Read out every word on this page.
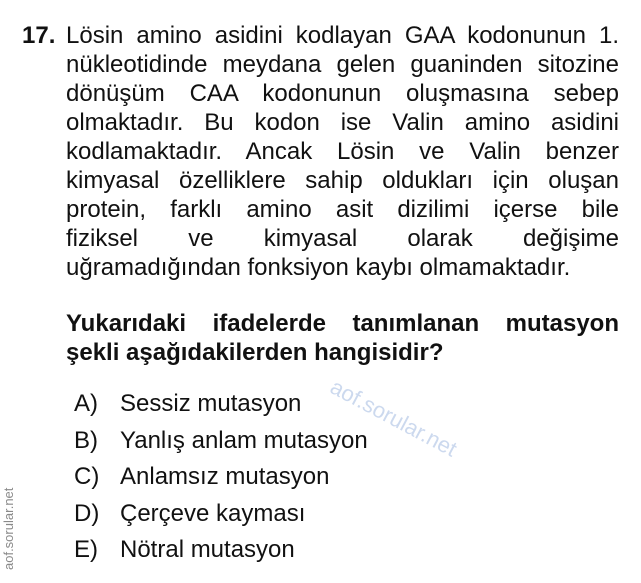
17. Lösin amino asidini kodlayan GAA kodonunun 1.
nükleotidinde meydana gelen guaninden sitozine
dönüşüm CAA kodonunun oluşmasına sebep
olmaktadır. Bu kodon ise Valin amino asidini
kodlamaktadır. Ancak Lösin ve Valin benzer
kimyasal özelliklere sahip oldukları için oluşan
protein, farklı amino asit dizilimi içerse bile
fiziksel ve kimyasal olarak değişime
uğramadığından fonksiyon kaybı olmamaktadır.
Yukarıdaki ifadelerde tanımlanan mutasyon
şekli aşağıdakilerden hangisidir?
A) Sessiz mutasyon
B) Yanlış anlam mutasyon
C) Anlamsız mutasyon
D) Çerçeve kayması
E) Nötral mutasyon
aof.sorular.net
aof.sorular.net
